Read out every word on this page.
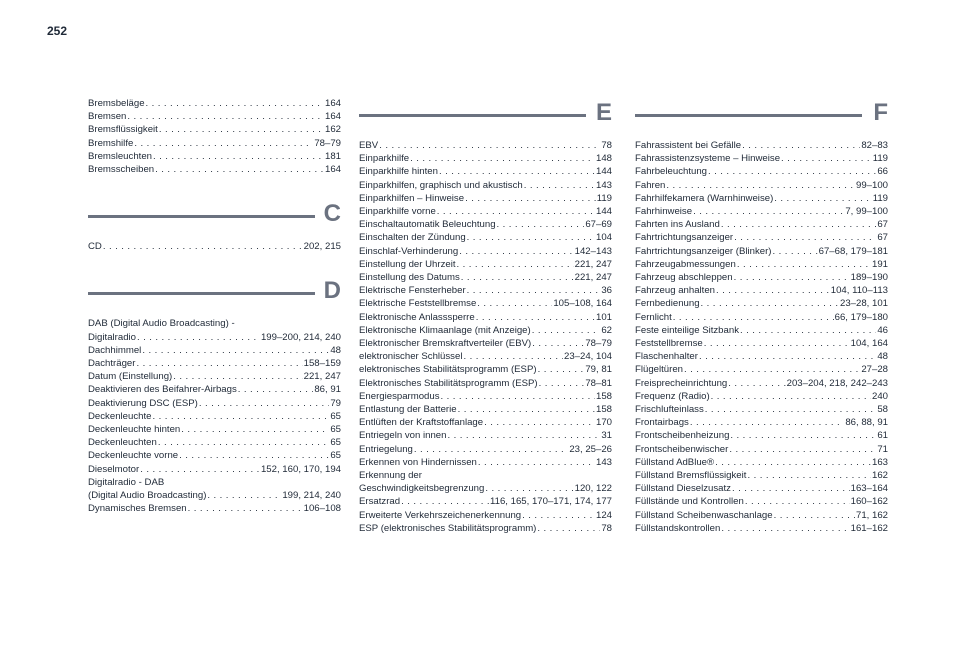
252
Bremsbeläge . . .	164
Bremsen . . .	164
Bremsflüssigkeit . . .	162
Bremshilfe . . .	78–79
Bremsleuchten . . .	181
Bremsscheiben . . .	164
C
CD . . .	202, 215
D
DAB (Digital Audio Broadcasting) -
Digitalradio . . .	199–200, 214, 240
Dachhimmel . . .	48
Dachträger . . .	158–159
Datum (Einstellung) . . .	221, 247
Deaktivieren des Beifahrer-Airbags . . .	86, 91
Deaktivierung DSC (ESP) . . .	79
Deckenleuchte . . .	65
Deckenleuchte hinten . . .	65
Deckenleuchten . . .	65
Deckenleuchte vorne . . .	65
Dieselmotor . . .	152, 160, 170, 194
Digitalradio - DAB
(Digital Audio Broadcasting) . . .	199, 214, 240
Dynamisches Bremsen . . .	106–108
E
EBV . . .	78
Einparkhilfe . . .	148
Einparkhilfe hinten . . .	144
Einparkhilfen, graphisch und akustisch . . .	143
Einparkhilfen – Hinweise . . .	119
Einparkhilfe vorne . . .	144
Einschaltautomatik Beleuchtung . . .	67–69
Einschalten der Zündung . . .	104
Einschlaf-Verhinderung . . .	142–143
Einstellung der Uhrzeit . . .	221, 247
Einstellung des Datums . . .	221, 247
Elektrische Fensterheber . . .	36
Elektrische Feststellbremse . . .	105–108, 164
Elektronische Anlasssperre . . .	101
Elektronische Klimaanlage (mit Anzeige) . . .	62
Elektronischer Bremskraftverteiler (EBV) . . .	78–79
elektronischer Schlüssel . . .	23–24, 104
elektronisches Stabilitätsprogramm (ESP) . . .	79, 81
Elektronisches Stabilitätsprogramm (ESP) . . .	78–81
Energiesparmodus . . .	158
Entlastung der Batterie . . .	158
Entlüften der Kraftstoffanlage . . .	170
Entriegeln von innen . . .	31
Entriegelung . . .	23, 25–26
Erkennen von Hindernissen . . .	143
Erkennung der
Geschwindigkeitsbegrenzung . . .	120, 122
Ersatzrad . . .	116, 165, 170–171, 174, 177
Erweiterte Verkehrszeichenerkennung . . .	124
ESP (elektronisches Stabilitätsprogramm) . . .	78
F
Fahrassistent bei Gefälle . . .	82–83
Fahrassistenzsysteme – Hinweise . . .	119
Fahrbeleuchtung . . .	66
Fahren . . .	99–100
Fahrhilfekamera (Warnhinweise) . . .	119
Fahrhinweise . . .	7, 99–100
Fahrten ins Ausland . . .	67
Fahrtrichtungsanzeiger . . .	67
Fahrtrichtungsanzeiger (Blinker) . . .	67–68, 179–181
Fahrzeugabmessungen . . .	191
Fahrzeug abschleppen . . .	189–190
Fahrzeug anhalten . . .	104, 110–113
Fernbedienung . . .	23–28, 101
Fernlicht . . .	66, 179–180
Feste einteilige Sitzbank . . .	46
Feststellbremse . . .	104, 164
Flaschenhalter . . .	48
Flügeltüren . . .	27–28
Freisprecheinrichtung . . .	203–204, 218, 242–243
Frequenz (Radio) . . .	240
Frischlufteinlass . . .	58
Frontairbags . . .	86, 88, 91
Frontscheibenheizung . . .	61
Frontscheibenwischer . . .	71
Füllstand AdBlue® . . .	163
Füllstand Bremsflüssigkeit . . .	162
Füllstand Dieselzusatz . . .	163–164
Füllstände und Kontrollen . . .	160–162
Füllstand Scheibenwaschanlage . . .	71, 162
Füllstandskontrollen . . .	161–162
